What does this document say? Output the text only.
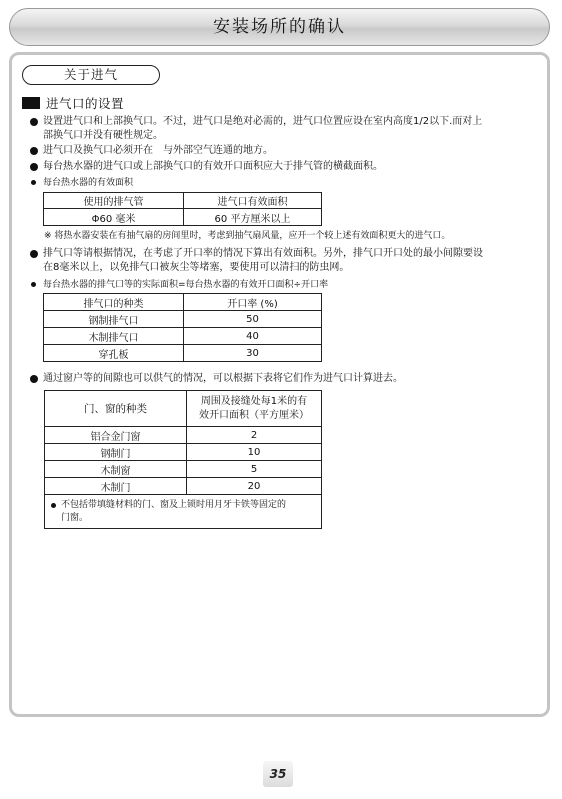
安装场所的确认
关于进气
进气口的设置
设置进气口和上部换气口。不过，进气口是绝对必需的，进气口位置应设在室内高度1/2以下.而对上
部换气口并没有硬性规定。
进气口及换气口必须开在　与外部空气连通的地方。
每台热水器的进气口或上部换气口的有效开口面积应大于排气管的横截面积。
每台热水器的有效面积
使用的排气管	进气口有效面积
Φ60 毫米	60 平方厘米以上
※ 将热水器安装在有抽气扇的房间里时，考虑到抽气扇风量，应开一个较上述有效面积更大的进气口。
排气口等请根据情况，在考虑了开口率的情况下算出有效面积。另外，排气口开口处的最小间隙要设
在8毫米以上，以免排气口被灰尘等堵塞，要使用可以清扫的防虫网。
每台热水器的排气口等的实际面积=每台热水器的有效开口面积÷开口率
排气口的种类	开口率 (%)
钢制排气口	50
木制排气口	40
穿孔板	30
通过窗户等的间隙也可以供气的情况，可以根据下表将它们作为进气口计算进去。
门、窗的种类	周围及接缝处每1米的有
效开口面积（平方厘米）

铝合金门窗	2
钢制门	10
木制窗	5
木制门	20

不包括带填缝材料的门、窗及上锁时用月牙卡铁等固定的
门窗。	
35
